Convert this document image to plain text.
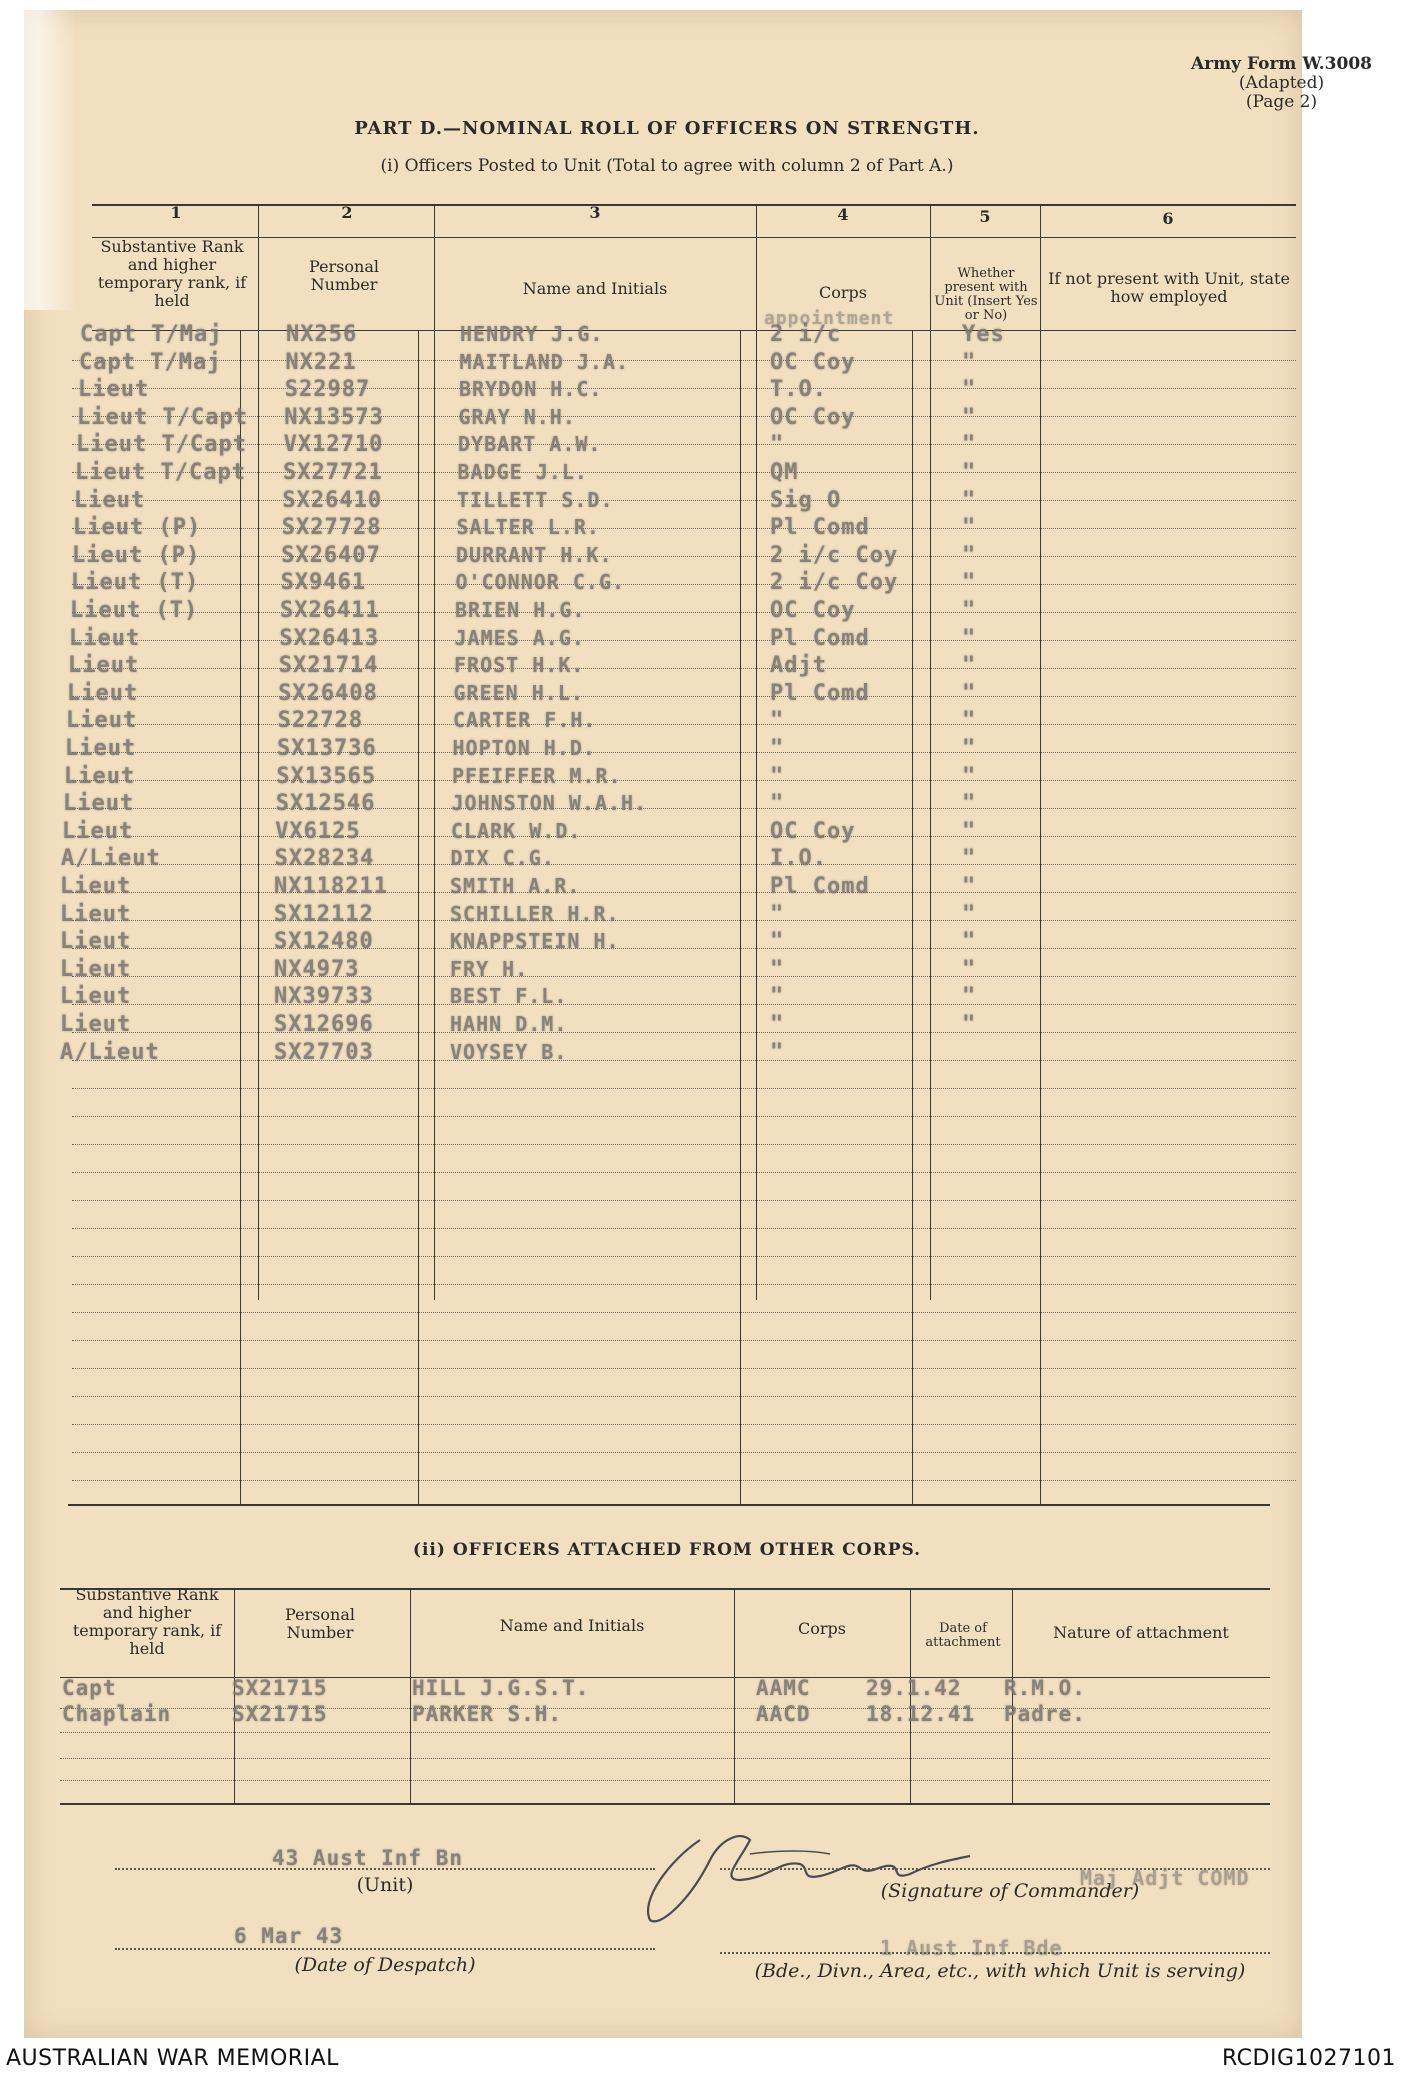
Army Form W.3008
(Adapted)
(Page 2)
PART D.—NOMINAL ROLL OF OFFICERS ON STRENGTH.
(i) Officers Posted to Unit (Total to agree with column 2 of Part A.)
1	2	3	4	5	6
Substantive Rank and higher temporary rank, if held
Personal Number	Name and Initials	Corps
Whether present with Unit (Insert Yes or No)
If not present with Unit, state how employed
appointment
Capt T/Maj	NX256	HENDRY J.G.	2 i/c	Yes
Capt T/Maj	NX221	MAITLAND J.A.	OC Coy	"
Lieut	S22987	BRYDON H.C.	T.O.	"
Lieut T/Capt NX13573	GRAY N.H.	OC Coy	"
Lieut T/Capt VX12710	DYBART A.W.	"	"
Lieut T/Capt SX27721	BADGE J.L.	QM	"
Lieut	SX26410	TILLETT S.D.	Sig O	"
Lieut (P)	SX27728	SALTER L.R.	Pl Comd	"
Lieut (P)	SX26407	DURRANT H.K.	2 i/c Coy	"
Lieut (T)	SX9461	O'CONNOR C.G.	2 i/c Coy	"
Lieut (T)	SX26411	BRIEN H.G.	OC Coy	"
Lieut	SX26413	JAMES A.G.	Pl Comd	"
Lieut	SX21714	FROST H.K.	Adjt	"
Lieut	SX26408	GREEN H.L.	Pl Comd	"
Lieut	S22728	CARTER F.H.	"	"
Lieut	SX13736	HOPTON H.D.	"	"
Lieut	SX13565	PFEIFFER M.R.	"	"
Lieut	SX12546	JOHNSTON W.A.H.	"	"
Lieut	VX6125	CLARK W.D.	OC Coy	"
A/Lieut	SX28234	DIX C.G.	I.O.	"
Lieut	NX118211	SMITH A.R.	Pl Comd	"
Lieut	SX12112	SCHILLER H.R.	"	"
Lieut	SX12480	KNAPPSTEIN H.	"	"
Lieut	NX4973	FRY H.	"	"
Lieut	NX39733	BEST F.L.	"	"
Lieut	SX12696	HAHN D.M.	"	"
A/Lieut	SX27703	VOYSEY B.	"
(ii) OFFICERS ATTACHED FROM OTHER CORPS.
Substantive Rank and higher temporary rank, if held
Personal Number	Name and Initials	Corps	Date of attachment
Nature of attachment
Capt	SX21715	HILL J.G.S.T.	AAMC	29.1.42 R.M.O.
Chaplain	SX21715	PARKER S.H.	AACD	18.12.41 Padre.
43 Aust Inf Bn
(Unit)	Maj Adjt COMD
(Signature of Commander)
6 Mar 43
(Date of Despatch)
1 Aust Inf Bde
(Bde., Divn., Area, etc., with which Unit is serving)
AUSTRALIAN WAR MEMORIAL	RCDIG1027101
